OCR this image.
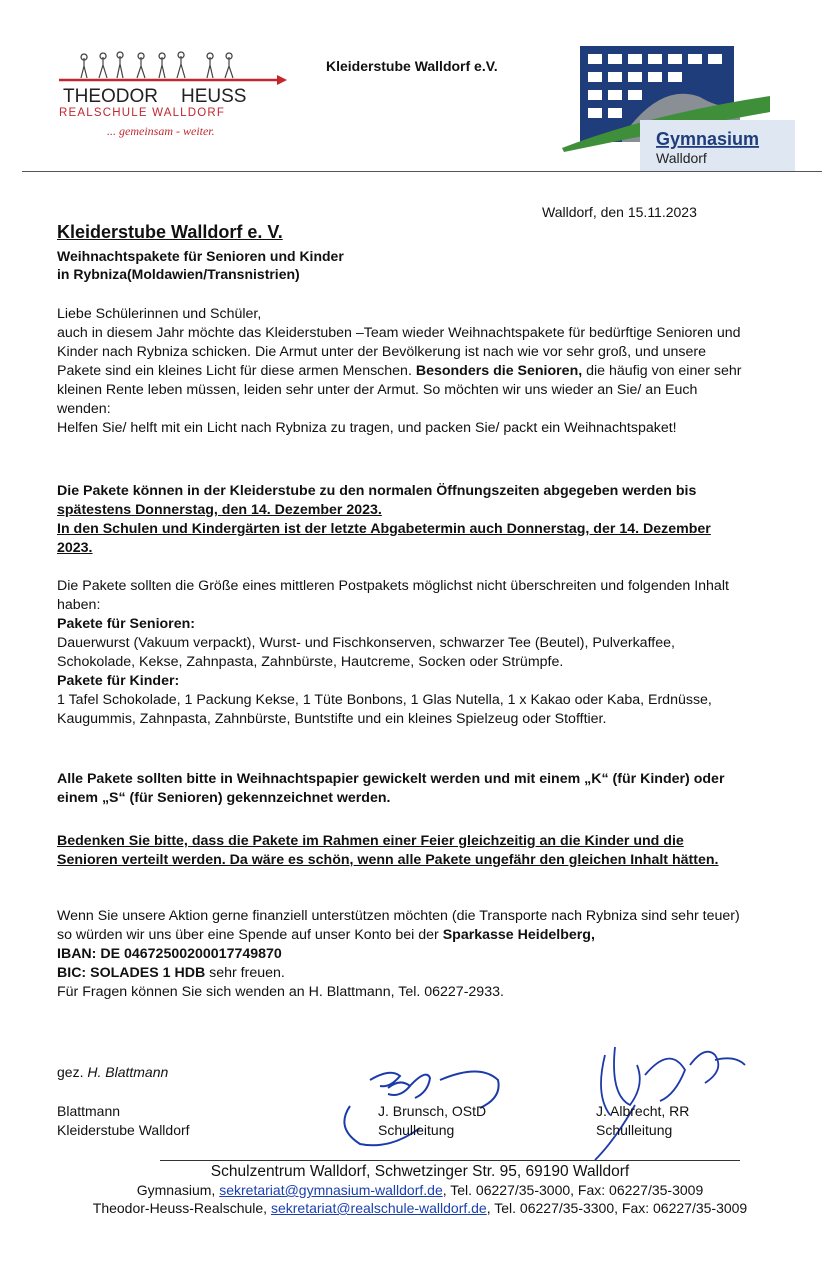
THEODOR HEUSS
REALSCHULE WALLDORF
... gemeinsam - weiter.
Kleiderstube Walldorf e.V.
Gymnasium
Walldorf
Walldorf, den 15.11.2023
Kleiderstube Walldorf e. V.
Weihnachtspakete für Senioren und Kinder
in Rybniza(Moldawien/Transnistrien)

Liebe Schülerinnen und Schüler,

auch in diesem Jahr möchte das Kleiderstuben –Team wieder Weihnachtspakete für bedürftige Senioren und Kinder nach Rybniza schicken. Die Armut unter der Bevölkerung ist nach wie vor sehr groß, und unsere Pakete sind ein kleines Licht für diese armen Menschen. Besonders die Senioren, die häufig von einer sehr kleinen Rente leben müssen, leiden sehr unter der Armut. So möchten wir uns wieder an Sie/ an Euch wenden:

Helfen Sie/ helft mit ein Licht nach Rybniza zu tragen, und packen Sie/ packt ein Weihnachtspaket!

Die Pakete können in der Kleiderstube zu den normalen Öffnungszeiten abgegeben werden bis spätestens Donnerstag, den 14. Dezember 2023.

In den Schulen und Kindergärten ist der letzte Abgabetermin auch Donnerstag, der 14. Dezember 2023.

Die Pakete sollten die Größe eines mittleren Postpakets möglichst nicht überschreiten und folgenden Inhalt haben:

Pakete für Senioren:

Dauerwurst (Vakuum verpackt), Wurst- und Fischkonserven, schwarzer Tee (Beutel), Pulverkaffee, Schokolade, Kekse, Zahnpasta, Zahnbürste, Hautcreme, Socken oder Strümpfe.

Pakete für Kinder:

1 Tafel Schokolade, 1 Packung Kekse, 1 Tüte Bonbons, 1 Glas Nutella, 1 x Kakao oder Kaba, Erdnüsse, Kaugummis, Zahnpasta, Zahnbürste, Buntstifte und ein kleines Spielzeug oder Stofftier.

Alle Pakete sollten bitte in Weihnachtspapier gewickelt werden und mit einem „K“ (für Kinder) oder einem „S“ (für Senioren) gekennzeichnet werden.
Bedenken Sie bitte, dass die Pakete im Rahmen einer Feier gleichzeitig an die Kinder und die Senioren verteilt werden. Da wäre es schön, wenn alle Pakete ungefähr den gleichen Inhalt hätten.

Wenn Sie unsere Aktion gerne finanziell unterstützen möchten (die Transporte nach Rybniza sind sehr teuer) so würden wir uns über eine Spende auf unser Konto bei der Sparkasse Heidelberg,

IBAN: DE 04672500200017749870

BIC: SOLADES 1 HDB sehr freuen.

Für Fragen können Sie sich wenden an H. Blattmann, Tel. 06227-2933.

gez. H. Blattmann
Blattmann
Kleiderstube Walldorf
J. Brunsch, OStD
Schulleitung
J. Albrecht, RR
Schulleitung
Schulzentrum Walldorf, Schwetzinger Str. 95, 69190 Walldorf
Gymnasium, sekretariat@gymnasium-walldorf.de, Tel. 06227/35-3000, Fax: 06227/35-3009
Theodor-Heuss-Realschule, sekretariat@realschule-walldorf.de, Tel. 06227/35-3300, Fax: 06227/35-3009
